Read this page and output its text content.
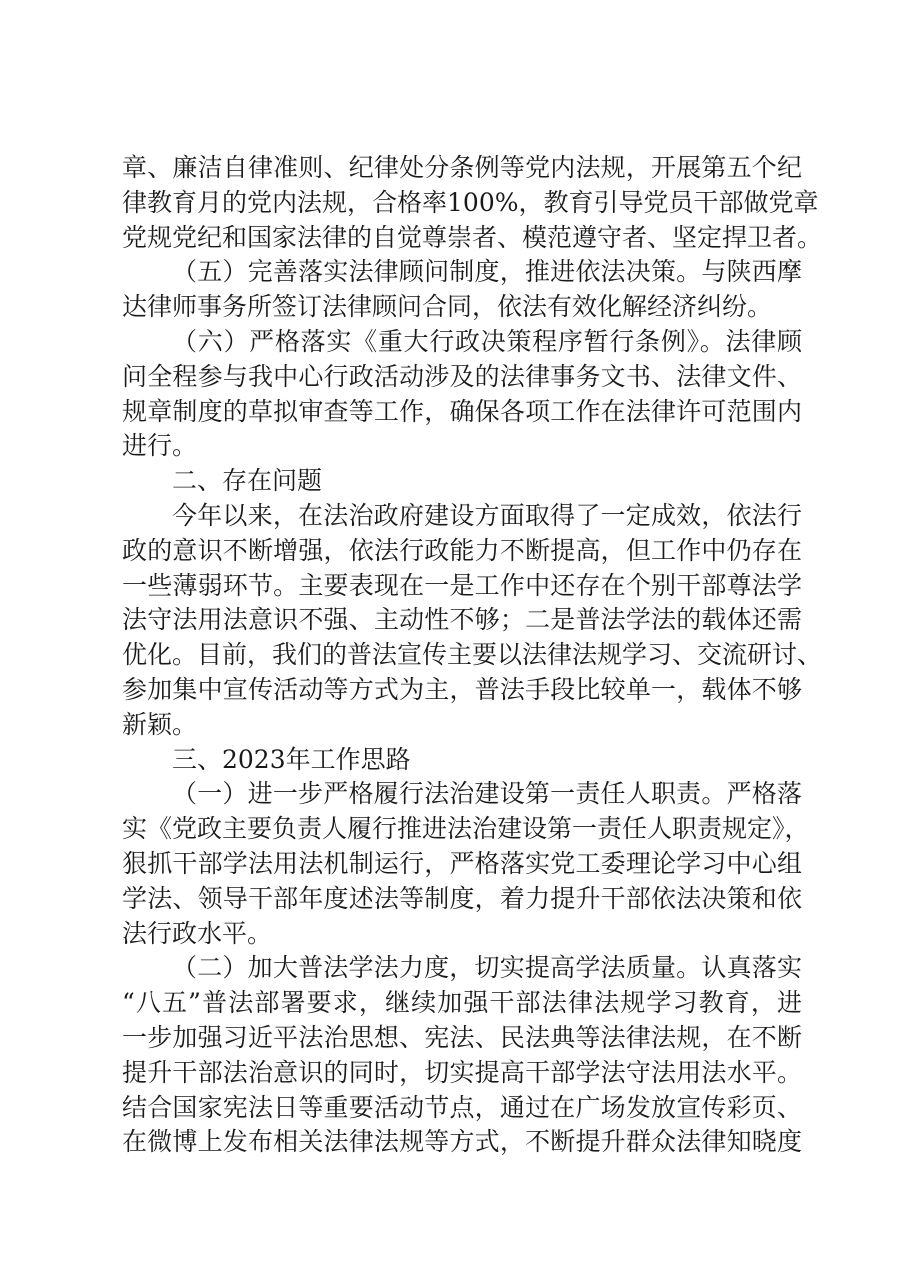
章、廉洁自律准则、纪律处分条例等党内法规，开展第五个纪
律教育月的党内法规，合格率100%，教育引导党员干部做党章
党规党纪和国家法律的自觉尊崇者、模范遵守者、坚定捍卫者。
（五）完善落实法律顾问制度，推进依法决策。与陕西摩
达律师事务所签订法律顾问合同，依法有效化解经济纠纷。
（六）严格落实《重大行政决策程序暂行条例》。法律顾
问全程参与我中心行政活动涉及的法律事务文书、法律文件、
规章制度的草拟审查等工作，确保各项工作在法律许可范围内
进行。
二、存在问题
今年以来，在法治政府建设方面取得了一定成效，依法行
政的意识不断增强，依法行政能力不断提高，但工作中仍存在
一些薄弱环节。主要表现在一是工作中还存在个别干部尊法学
法守法用法意识不强、主动性不够；二是普法学法的载体还需
优化。目前，我们的普法宣传主要以法律法规学习、交流研讨、
参加集中宣传活动等方式为主，普法手段比较单一，载体不够
新颖。
三、2023年工作思路
（一）进一步严格履行法治建设第一责任人职责。严格落
实《党政主要负责人履行推进法治建设第一责任人职责规定》，
狠抓干部学法用法机制运行，严格落实党工委理论学习中心组
学法、领导干部年度述法等制度，着力提升干部依法决策和依
法行政水平。
（二）加大普法学法力度，切实提高学法质量。认真落实
“八五”普法部署要求，继续加强干部法律法规学习教育，进
一步加强习近平法治思想、宪法、民法典等法律法规，在不断
提升干部法治意识的同时，切实提高干部学法守法用法水平。
结合国家宪法日等重要活动节点，通过在广场发放宣传彩页、
在微博上发布相关法律法规等方式，不断提升群众法律知晓度
